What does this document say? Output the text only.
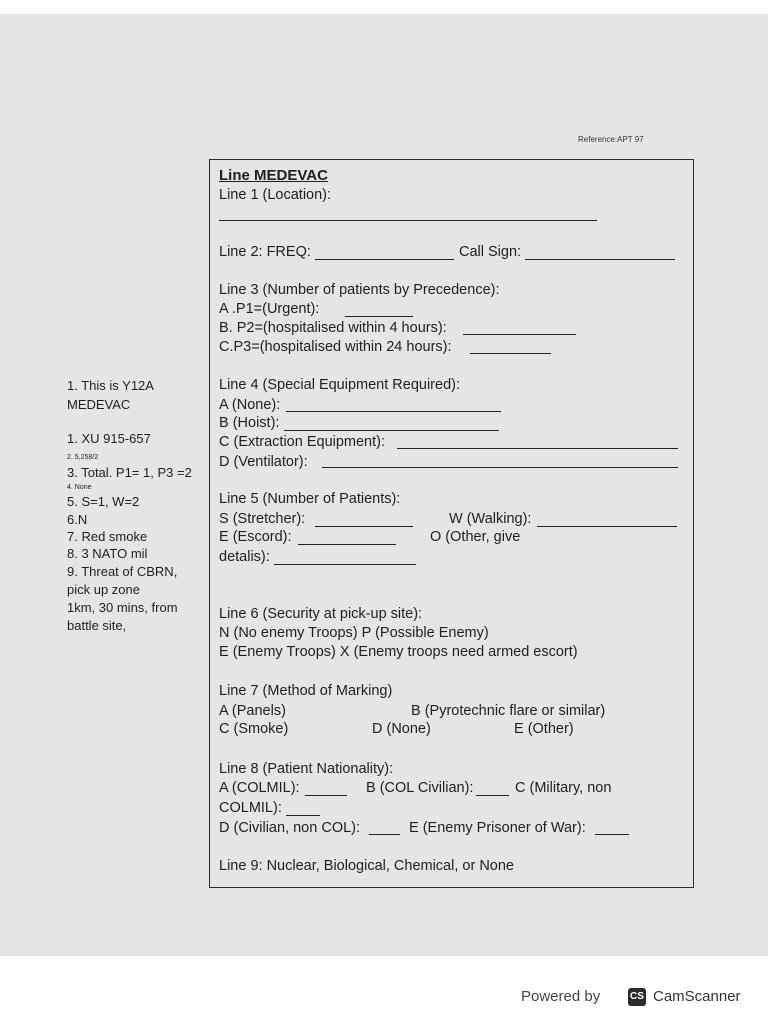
Reference:APT 97
Line MEDEVAC
Line 1 (Location):
Line 2: FREQ:	Call Sign:
Line 3 (Number of patients by Precedence):
A .P1=(Urgent):
B. P2=(hospitalised within 4 hours):
C.P3=(hospitalised within 24 hours):
Line 4 (Special Equipment Required):
A (None):
B (Hoist):
C (Extraction Equipment):
D (Ventilator):
Line 5 (Number of Patients):
S (Stretcher):	W (Walking):
E (Escord):	O (Other, give
detalis):
Line 6 (Security at pick-up site):
N (No enemy Troops) P (Possible Enemy)
E (Enemy Troops) X (Enemy troops need armed escort)
Line 7 (Method of Marking)
A (Panels)	B (Pyrotechnic flare or similar)
C (Smoke)	D (None)	E (Other)
Line 8 (Patient Nationality):
A (COLMIL):	B (COL Civilian):	C (Military, non
COLMIL):
D (Civilian, non COL):	E (Enemy Prisoner of War):
Line 9: Nuclear, Biological, Chemical, or None
1. This is Y12A
MEDEVAC
1. XU 915-657
2. 5,258/2
3. Total. P1= 1, P3 =2
4. None
5. S=1, W=2
6.N
7. Red smoke
8. 3 NATO mil
9. Threat of CBRN,
pick up zone
1km, 30 mins, from
battle site,
Powered by	CS CamScanner
